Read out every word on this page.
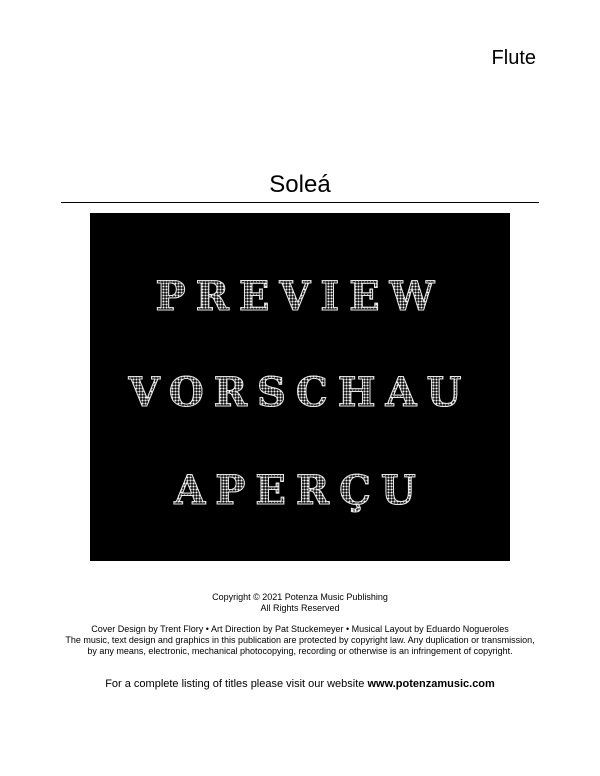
Flute
Soleá
PREVIEW
VORSCHAU
APERÇU
Copyright © 2021 Potenza Music Publishing
All Rights Reserved
Cover Design by Trent Flory • Art Direction by Pat Stuckemeyer • Musical Layout by Eduardo Nogueroles
The music, text design and graphics in this publication are protected by copyright law. Any duplication or transmission, by any means, electronic, mechanical photocopying, recording or otherwise is an infringement of copyright.
For a complete listing of titles please visit our website www.potenzamusic.com
